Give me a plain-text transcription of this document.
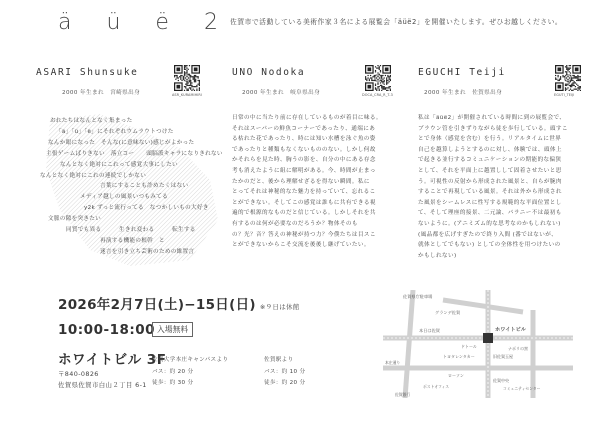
ä ü ë 2
佐賀市で活動している美術作家３名による展覧会「äüë2」を開催いたします。ぜひお越しください。
ASARI Shunsuke
2000 年生まれ 宮崎県出身	ASR_KURAMIHIRI
UNO Nodoka
2000 年生まれ 岐阜県出身	DOCA_CRA_R_T-3
EGUCHI Teiji
2000 年生まれ 佐賀県出身	EGUTI_TEIJI
おれたちはなんとなく集まった
「ä」「ü」「ë」にそれぞれウムラウトつけた
なんか眼になった　そんな(に意味ない)感じがよかった
主張ゲームばりきない　落立コー　　頭脳派キャラになりきれない
なんとなく絶対にこれって感覚大事にしたい
なんとなく絶対にこれの連続でしかない
言葉にすることも許めたくはない
メディア越しの風景いつもみてる
y2k ずっと流行ってる　なつかしいもの大好き
文脈の隙を突きたい
同質でも異る　　　生きれ変わる　　　転生する
再演する機能の根幹　と
迷言を引き立ち芸術のための維置言
日常の中に当たり前に存在しているものが着目に味る。
それはスーパーの鮮魚コーナーであったり、通端にあ
る枯れた花であったり、時には知い水槽を泳ぐ魚の姿
であったりと種類もなくないもののない。しかし何故
かそれらを見た時、胸うの影を、自分の中にある存念
考も消えたように組に解明がある。今、時間が止まっ
たかのだと、後から理解せざるを得ない瞬間。私に
とってそれは神秘的なた魅力を持っていて、忘れるこ
とができない。そしてこの感覚は誰もに共有できる視
遍的で根源的なものだと信じている。しかしそれを共
有するのは何が必要なのだろうか？物体そのも
の？光？音？答えの神秘が持つ力？今僕たちは目スこ
とができないからこそ交流を後後し継げていたい。
私は「äüë2」が開催されている時間に到の展覧会で、
ブラウン管を引きずりながら徒を歩行している。頭すこ
とで身体（感覚を含む）を行う。リアルタイムに世界
自己を越算しようとするのに対し、体験では、頭体上
で起きる並行するコミュニケーションの期能的な偏狭
として、それを平面上に越置しして固着させたいと思
う。可視性の反射から形成された風景と、自らが腕肉
することで再現している風景。それは外から形成され
た風景をシームレスに性写する規範的な平面位置とし
て、そして理座的接景、二元論、パラニー不は最初も
ないように。(アニミズム的な思考なのかもしれない)
(風品都を広げすぎたので終り入間 (番ではないが、
就体としてでもない) としての全体性を用つけたいの
かもしれない)
2026年2月7日(土)−15日(日) ※９日は休館
10:00-18:00 入場無料
ホワイトビル 3F
〒840-0826
佐賀県佐賀市白山２丁目 6-1
佐賀大学本庄キャンパスより
バス：約 20 分
徒歩：約 30 分
佐賀駅より
バス：約 10 分
徒歩：約 20 分
佐賀県庁駐車場
グランデ佐賀
本日は佐賀	ホワイトビル
ドトール	ナポリの窯
トヨタレンタカー	旧佐賀玉屋
ローソン
本庄通り
佐賀中央
ポストオフィス	コミュニティセンター
佐賀銀行
